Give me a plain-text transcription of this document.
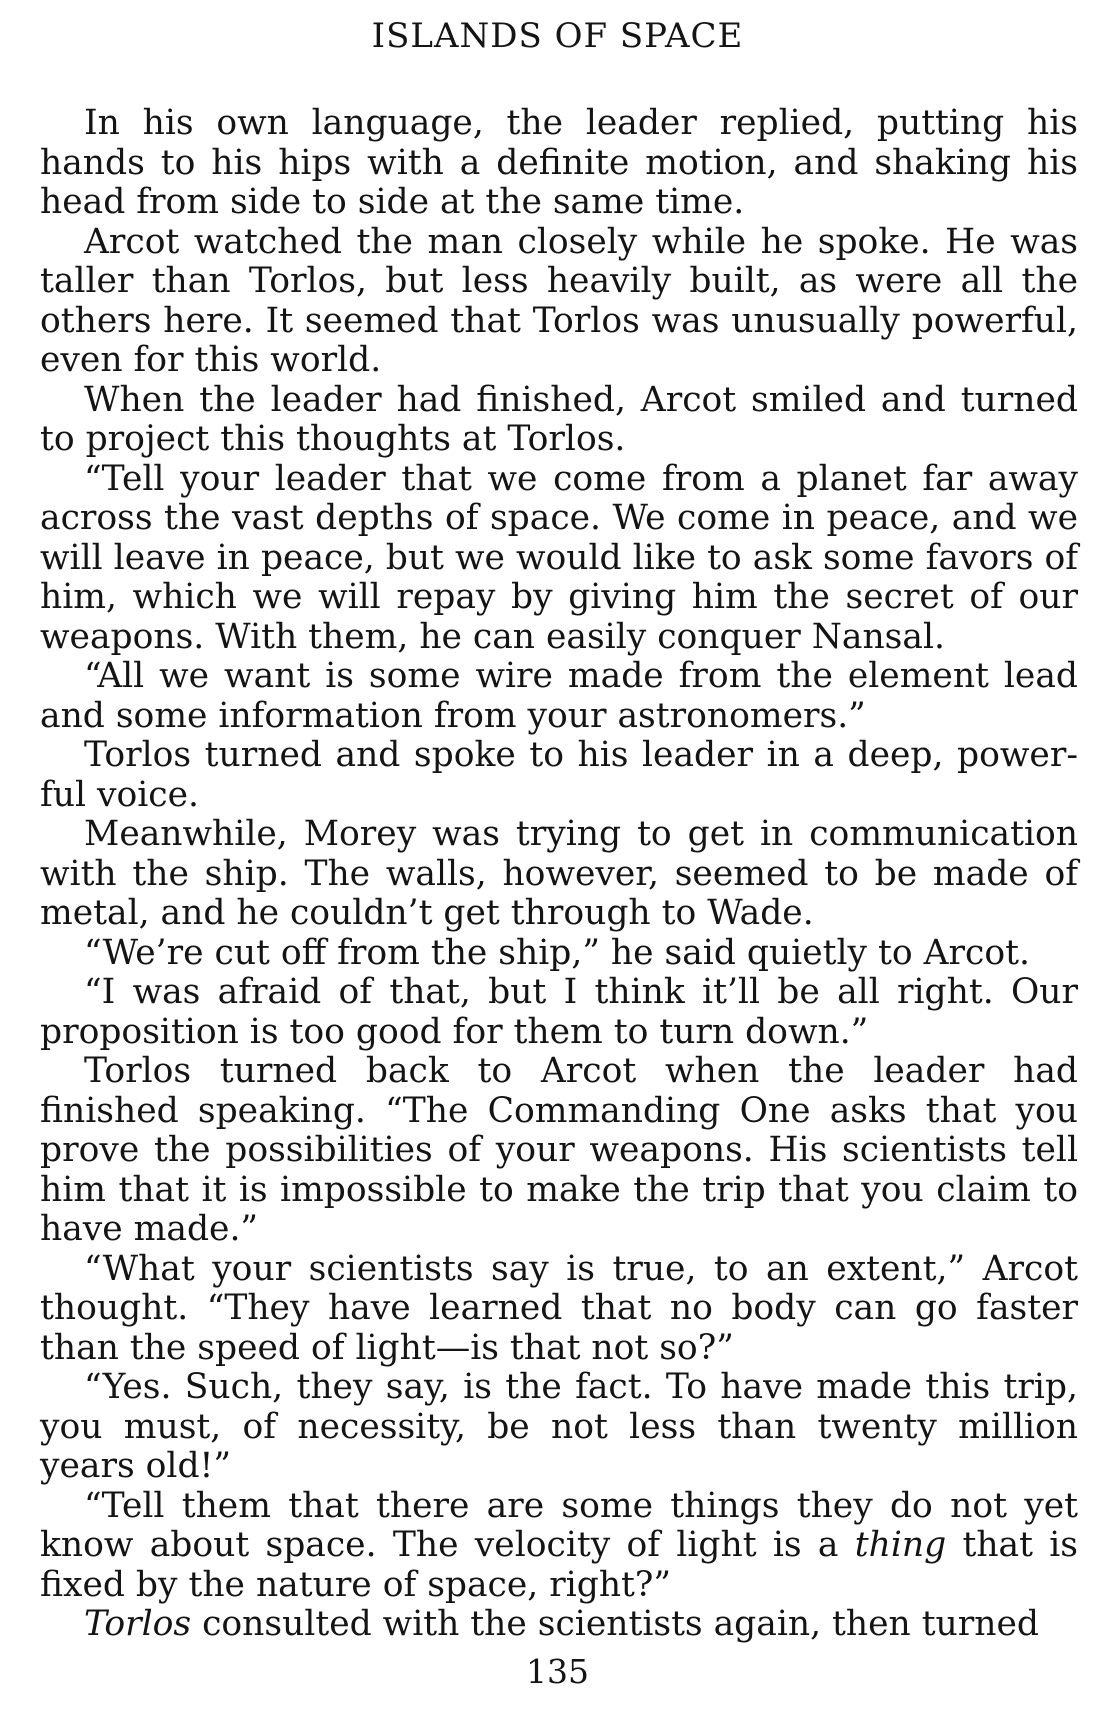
ISLANDS OF SPACE

In his own language, the leader replied, putting his hands to his hips with a definite motion, and shaking his head from side to side at the same time.

Arcot watched the man closely while he spoke. He was taller than Torlos, but less heavily built, as were all the others here. It seemed that Torlos was unusually powerful, even for this world.

When the leader had finished, Arcot smiled and turned to project this thoughts at Torlos.

“Tell your leader that we come from a planet far away across the vast depths of space. We come in peace, and we will leave in peace, but we would like to ask some favors of him, which we will repay by giving him the secret of our weapons. With them, he can easily conquer Nansal.

“All we want is some wire made from the element lead and some information from your astronomers.”

Torlos turned and spoke to his leader in a deep, powerful voice.

Meanwhile, Morey was trying to get in communication with the ship. The walls, however, seemed to be made of metal, and he couldn’t get through to Wade.

“We’re cut off from the ship,” he said quietly to Arcot.

“I was afraid of that, but I think it’ll be all right. Our proposition is too good for them to turn down.”

Torlos turned back to Arcot when the leader had finished speaking. “The Commanding One asks that you prove the possibilities of your weapons. His scientists tell him that it is impossible to make the trip that you claim to have made.”

“What your scientists say is true, to an extent,” Arcot thought. “They have learned that no body can go faster than the speed of light—is that not so?”

“Yes. Such, they say, is the fact. To have made this trip, you must, of necessity, be not less than twenty million years old!”

“Tell them that there are some things they do not yet know about space. The velocity of light is a thing that is fixed by the nature of space, right?”

Torlos consulted with the scientists again, then turned

135
